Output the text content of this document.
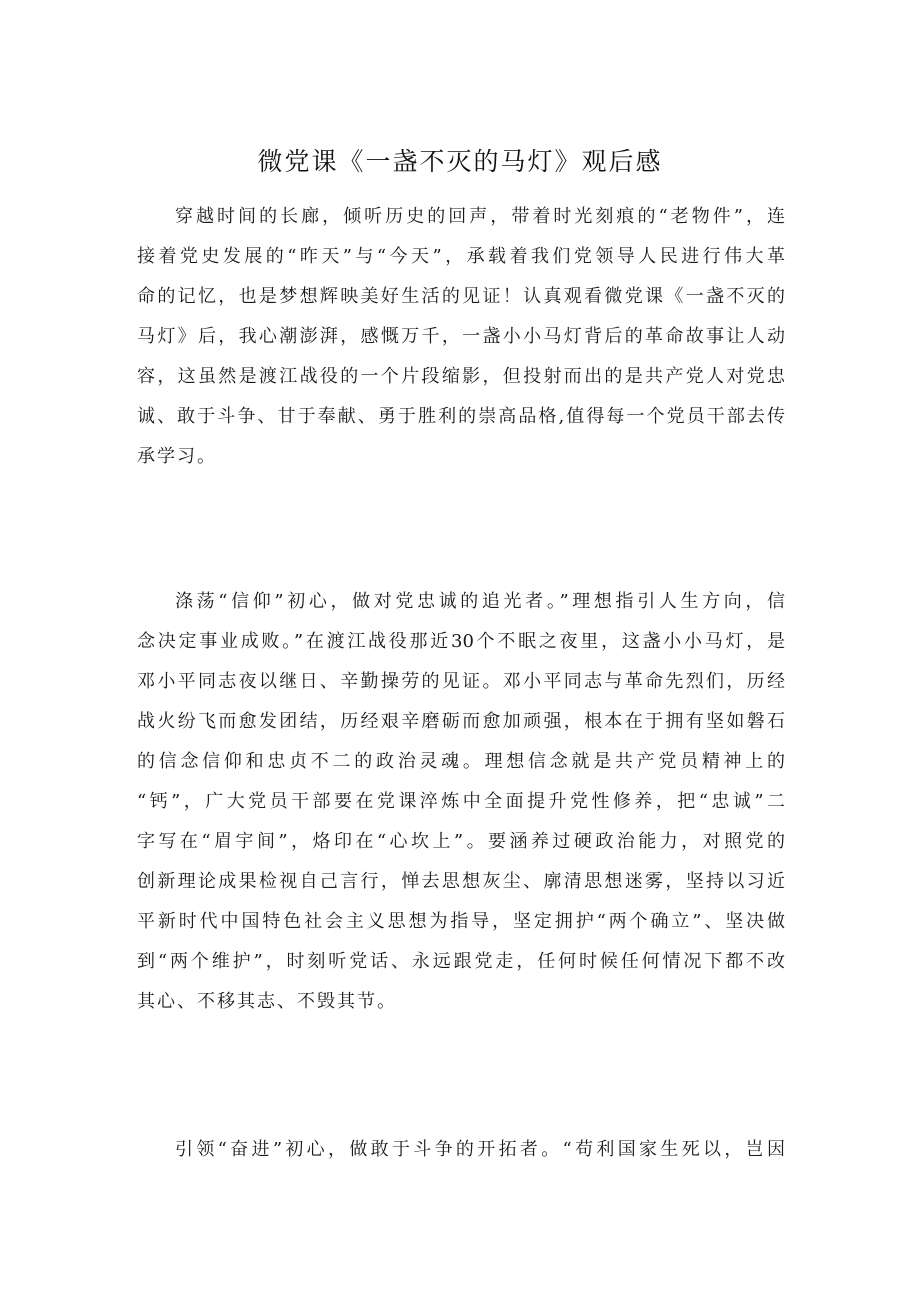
微党课《一盏不灭的马灯》观后感
穿越时间的长廊，倾听历史的回声，带着时光刻痕的“老物件”，连
接着党史发展的“昨天”与“今天”，承载着我们党领导人民进行伟大革
命的记忆，也是梦想辉映美好生活的见证！认真观看微党课《一盏不灭的
马灯》后，我心潮澎湃，感慨万千，一盏小小马灯背后的革命故事让人动
容，这虽然是渡江战役的一个片段缩影，但投射而出的是共产党人对党忠
诚、敢于斗争、甘于奉献、勇于胜利的崇高品格,值得每一个党员干部去传
承学习。
涤荡“信仰”初心，做对党忠诚的追光者。”理想指引人生方向，信
念决定事业成败。”在渡江战役那近30个不眠之夜里，这盏小小马灯，是
邓小平同志夜以继日、辛勤操劳的见证。邓小平同志与革命先烈们，历经
战火纷飞而愈发团结，历经艰辛磨砺而愈加顽强，根本在于拥有坚如磐石
的信念信仰和忠贞不二的政治灵魂。理想信念就是共产党员精神上的
“钙”，广大党员干部要在党课淬炼中全面提升党性修养，把“忠诚”二
字写在“眉宇间”，烙印在“心坎上”。要涵养过硬政治能力，对照党的
创新理论成果检视自己言行，惮去思想灰尘、廓清思想迷雾，坚持以习近
平新时代中国特色社会主义思想为指导，坚定拥护“两个确立”、坚决做
到“两个维护”，时刻听党话、永远跟党走，任何时候任何情况下都不改
其心、不移其志、不毁其节。
引领“奋进”初心，做敢于斗争的开拓者。“苟利国家生死以，岂因
